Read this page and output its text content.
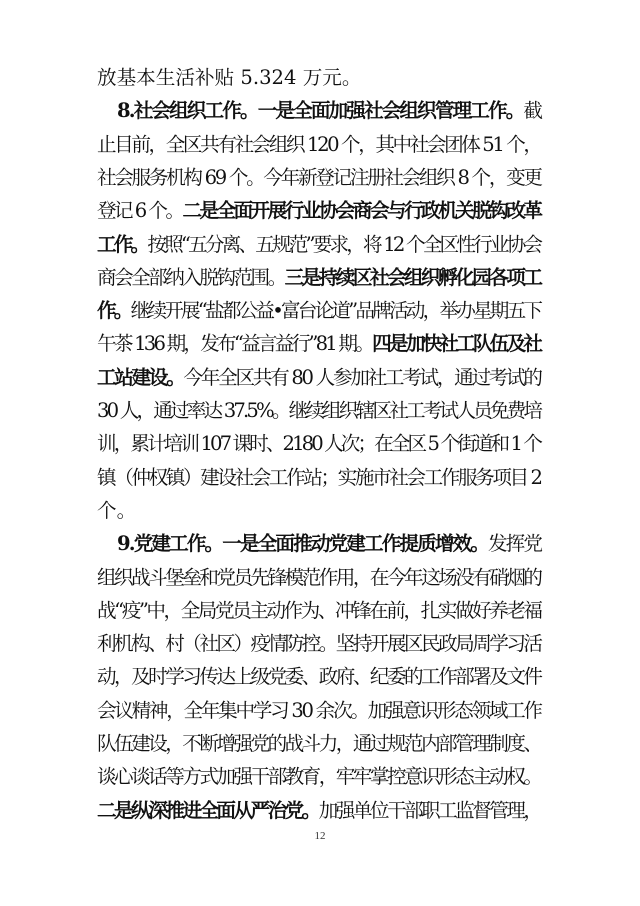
放基本生活补贴 5.324 万元。
8.社会组织工作。一是全面加强社会组织管理工作。 截
止目前，全区共有社会组织 120 个，其中社会团体 51 个，
社会服务机构 69 个。今年新登记注册社会组织 8 个，变更
登记 6 个。 二是全面开展行业协会商会与行政机关脱钩改革
工作。 按照“五分离、五规范”要求，将 12 个全区性行业协会
商会全部纳入脱钩范围。 三是持续区社会组织孵化园各项工
作。 继续开展“盐都公益•富台论道”品牌活动，举办星期五下
午茶 136 期，发布“益言益行”81 期。 四是加快社工队伍及社
工站建设。 今年全区共有 80 人参加社工考试，通过考试的
30 人，通过率达 37.5%。继续组织辖区社工考试人员免费培
训，累计培训 107 课时、2180 人次；在全区 5 个街道和 1 个
镇（仲权镇）建设社会工作站；实施市社会工作服务项目 2
个。
9.党建工作。一是全面推动党建工作提质增效。 发挥党
组织战斗堡垒和党员先锋模范作用，在今年这场没有硝烟的
战“疫”中，全局党员主动作为、冲锋在前，扎实做好养老福
利机构、村（社区）疫情防控。坚持开展区民政局周学习活
动，及时学习传达上级党委、政府、纪委的工作部署及文件
会议精神，全年集中学习 30 余次。加强意识形态领域工作
队伍建设，不断增强党的战斗力，通过规范内部管理制度、
谈心谈话等方式加强干部教育，牢牢掌控意识形态主动权。
二是纵深推进全面从严治党。 加强单位干部职工监督管理，
12
